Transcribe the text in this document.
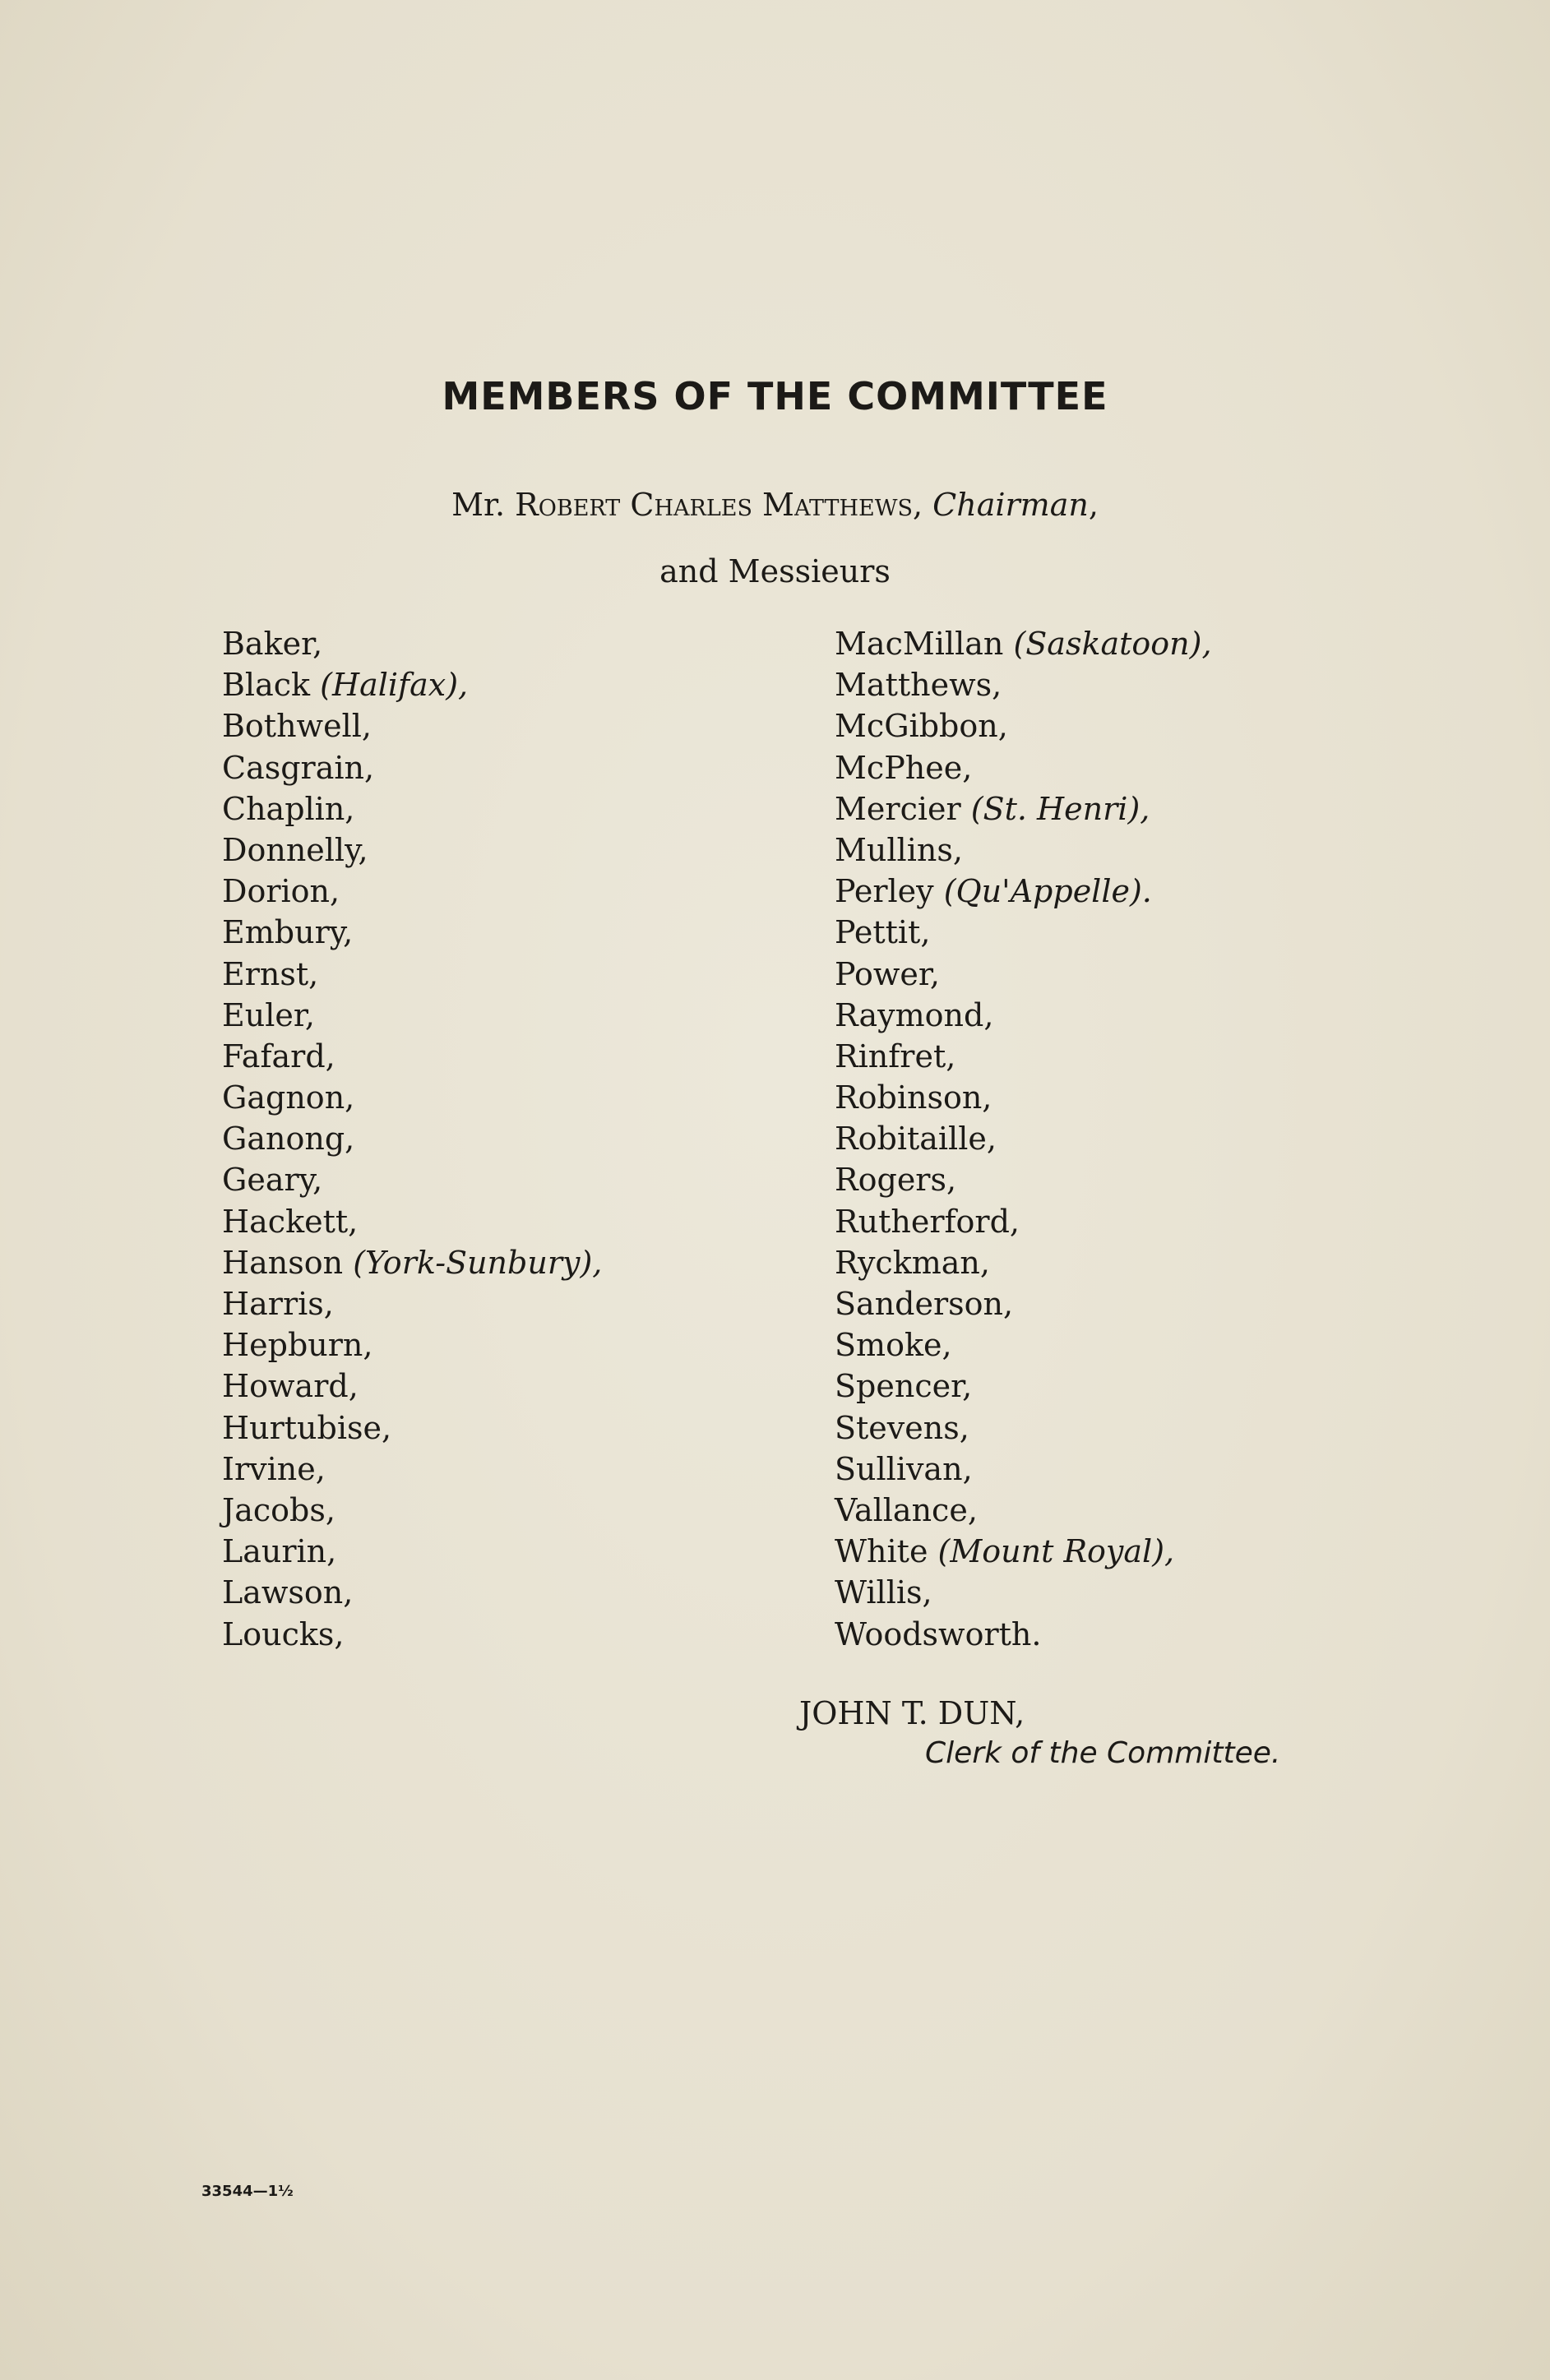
MEMBERS OF THE COMMITTEE
Mr. Robert Charles Matthews, Chairman,
and Messieurs
Baker,
Black (Halifax),
Bothwell,
Casgrain,
Chaplin,
Donnelly,
Dorion,
Embury,
Ernst,
Euler,
Fafard,
Gagnon,
Ganong,
Geary,
Hackett,
Hanson (York-Sunbury),
Harris,
Hepburn,
Howard,
Hurtubise,
Irvine,
Jacobs,
Laurin,
Lawson,
Loucks,
MacMillan (Saskatoon),
Matthews,
McGibbon,
McPhee,
Mercier (St. Henri),
Mullins,
Perley (Qu'Appelle).
Pettit,
Power,
Raymond,
Rinfret,
Robinson,
Robitaille,
Rogers,
Rutherford,
Ryckman,
Sanderson,
Smoke,
Spencer,
Stevens,
Sullivan,
Vallance,
White (Mount Royal),
Willis,
Woodsworth.
JOHN T. DUN,
Clerk of the Committee.
33544—1½
